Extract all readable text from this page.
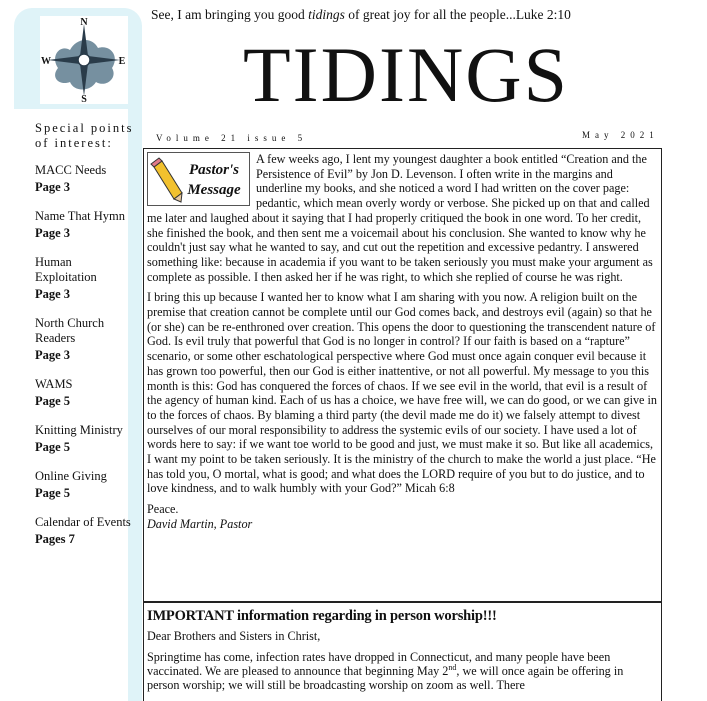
N
E
S
W
Special points of interest:
MACC Needs
Page 3
Name That Hymn
Page 3
Human Exploitation
Page 3
North Church Readers
Page 3
WAMS
Page 5
Knitting Ministry
Page 5
Online Giving
Page 5
Calendar of Events
Pages 7
See, I am bringing you good tidings of great joy for all the people...Luke 2:10
TIDINGS
Volume 21 issue 5	May 2021
Pastor's
Message

A few weeks ago, I lent my youngest daughter a book entitled “Creation and the Persistence of Evil” by Jon D. Levenson. I often write in the margins and underline my books, and she noticed a word I had written on the cover page: pedantic, which mean overly wordy or verbose. She picked up on that and called me later and laughed about it saying that I had properly critiqued the book in one word. To her credit, she finished the book, and then sent me a voicemail about his conclusion. She wanted to know why he couldn't just say what he wanted to say, and cut out the repetition and excessive pedantry. I answered something like: because in academia if you want to be taken seriously you must make your argument as complete as possible. I then asked her if he was right, to which she replied of course he was right.

I bring this up because I wanted her to know what I am sharing with you now. A religion built on the premise that creation cannot be complete until our God comes back, and destroys evil (again) so that he (or she) can be re-enthroned over creation. This opens the door to questioning the transcendent nature of God. Is evil truly that powerful that God is no longer in control? If our faith is based on a “rapture” scenario, or some other eschatological perspective where God must once again conquer evil because it has grown too powerful, then our God is either inattentive, or not all powerful. My message to you this month is this: God has conquered the forces of chaos. If we see evil in the world, that evil is a result of the agency of human kind. Each of us has a choice, we have free will, we can do good, or we can give in to the forces of chaos. By blaming a third party (the devil made me do it) we falsely attempt to divest ourselves of our moral responsibility to address the systemic evils of our society. I have used a lot of words here to say: if we want toe world to be good and just, we must make it so. But like all academics, I want my point to be taken seriously. It is the ministry of the church to make the world a just place. “He has told you, O mortal, what is good; and what does the LORD require of you but to do justice, and to love kindness, and to walk humbly with your God?” Micah 6:8

Peace.
David Martin, Pastor
IMPORTANT information regarding in person worship!!!

Dear Brothers and Sisters in Christ,

Springtime has come, infection rates have dropped in Connecticut, and many people have been vaccinated. We are pleased to announce that beginning May 2nd, we will once again be offering in person worship; we will still be broadcasting worship on zoom as well. There
